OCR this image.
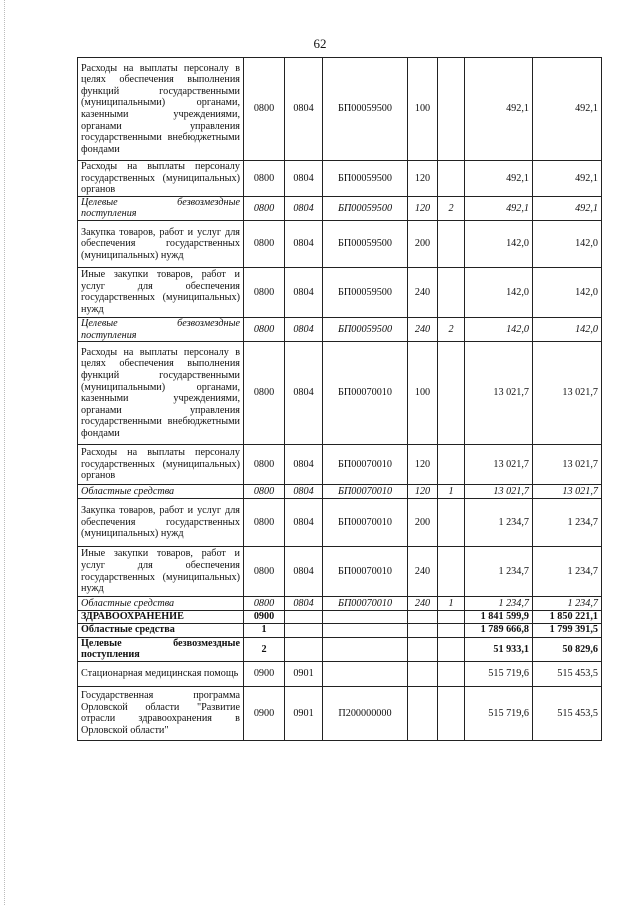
62
Расходы на выплаты персоналу в целях обеспечения выполнения функций государственными (муниципальными) органами, казенными учреждениями, органами управления государственными внебюджетными фондами	0800	0804	БП00059500	100		492,1	492,1
Расходы на выплаты персоналу государственных (муниципальных) органов	0800	0804	БП00059500	120		492,1	492,1
Целевые безвозмездные поступления	0800	0804	БП00059500	120	2	492,1	492,1
Закупка товаров, работ и услуг для обеспечения государственных (муниципальных) нужд	0800	0804	БП00059500	200		142,0	142,0
Иные закупки товаров, работ и услуг для обеспечения государственных (муниципальных) нужд	0800	0804	БП00059500	240		142,0	142,0
Целевые безвозмездные поступления	0800	0804	БП00059500	240	2	142,0	142,0
Расходы на выплаты персоналу в целях обеспечения выполнения функций государственными (муниципальными) органами, казенными учреждениями, органами управления государственными внебюджетными фондами	0800	0804	БП00070010	100		13 021,7	13 021,7
Расходы на выплаты персоналу государственных (муниципальных) органов	0800	0804	БП00070010	120		13 021,7	13 021,7
Областные средства	0800	0804	БП00070010	120	1	13 021,7	13 021,7
Закупка товаров, работ и услуг для обеспечения государственных (муниципальных) нужд	0800	0804	БП00070010	200		1 234,7	1 234,7
Иные закупки товаров, работ и услуг для обеспечения государственных (муниципальных) нужд	0800	0804	БП00070010	240		1 234,7	1 234,7
Областные средства	0800	0804	БП00070010	240	1	1 234,7	1 234,7
ЗДРАВООХРАНЕНИЕ	0900					1 841 599,9	1 850 221,1
Областные средства	1					1 789 666,8	1 799 391,5
Целевые безвозмездные поступления	2					51 933,1	50 829,6
Стационарная медицинская помощь	0900	0901				515 719,6	515 453,5
Государственная программа Орловской области "Развитие отрасли здравоохранения в Орловской области"	0900	0901	П200000000			515 719,6	515 453,5
